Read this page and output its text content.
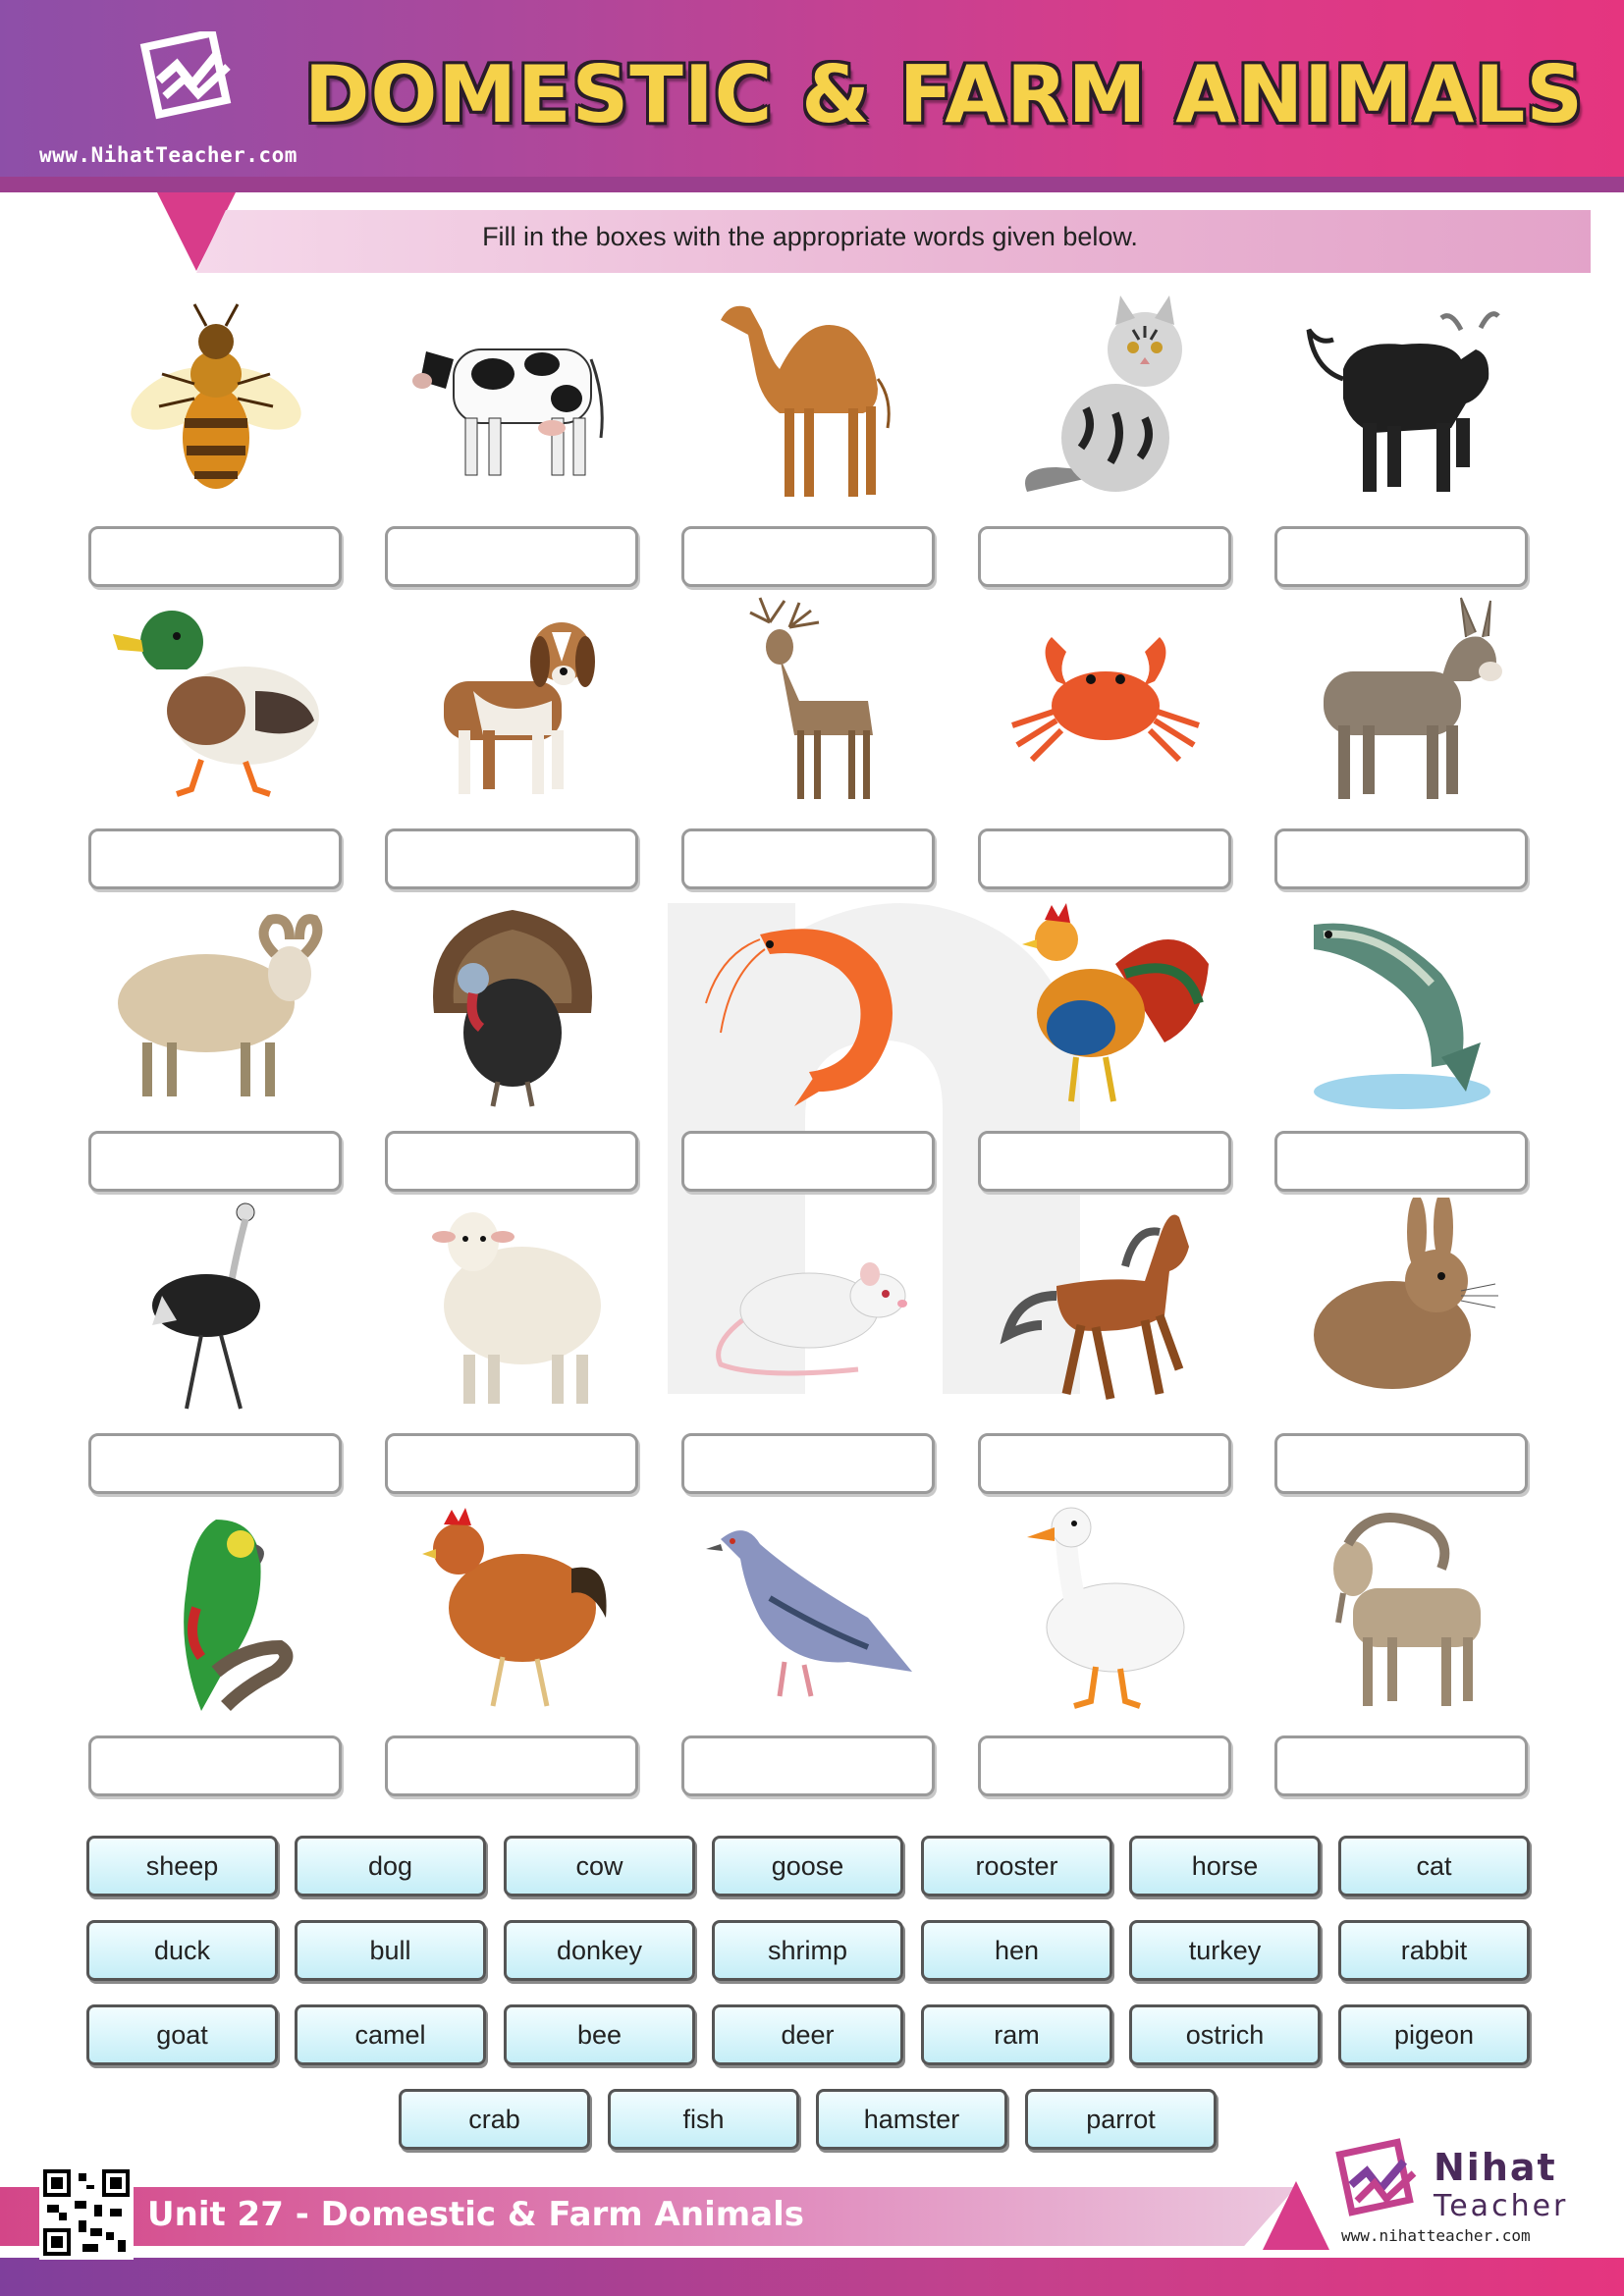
www.NihatTeacher.com
DOMESTIC & FARM ANIMALS
Fill in the boxes with the appropriate words given below.
sheep	dog	cow	goose	rooster	horse	cat
duck	bull	donkey	shrimp	hen	turkey	rabbit
goat	camel	bee	deer	ram	ostrich	pigeon
crab	fish	hamster	parrot
Unit 27 - Domestic & Farm Animals
Nihat
Teacher
www.nihatteacher.com
